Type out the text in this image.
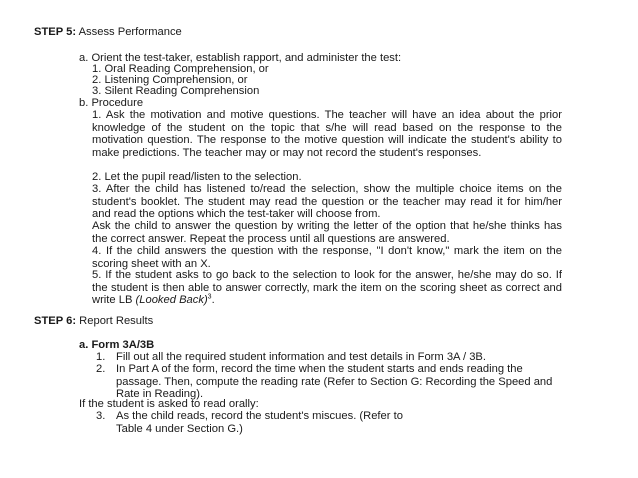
STEP 5: Assess Performance
a. Orient the test-taker, establish rapport, and administer the test:
1. Oral Reading Comprehension, or
2. Listening Comprehension, or
3. Silent Reading Comprehension
b. Procedure
1. Ask the motivation and motive questions. The teacher will have an idea about the prior knowledge of the student on the topic that s/he will read based on the response to the motivation question. The response to the motive question will indicate the student's ability to make predictions. The teacher may or may not record the student's responses.
2. Let the pupil read/listen to the selection.
3. After the child has listened to/read the selection, show the multiple choice items on the student's booklet. The student may read the question or the teacher may read it for him/her and read the options which the test-taker will choose from.
Ask the child to answer the question by writing the letter of the option that he/she thinks has the correct answer. Repeat the process until all questions are answered.
4. If the child answers the question with the response, "I don't know," mark the item on the scoring sheet with an X.
5. If the student asks to go back to the selection to look for the answer, he/she may do so. If the student is then able to answer correctly, mark the item on the scoring sheet as correct and write LB (Looked Back)$^3$.
STEP 6: Report Results
a. Form 3A/3B
1. Fill out all the required student information and test details in Form 3A / 3B.
2. In Part A of the form, record the time when the student starts and ends reading the passage. Then, compute the reading rate (Refer to Section G: Recording the Speed and Rate in Reading).
If the student is asked to read orally:
3. As the child reads, record the student's miscues. (Refer to Table 4 under Section G.)
